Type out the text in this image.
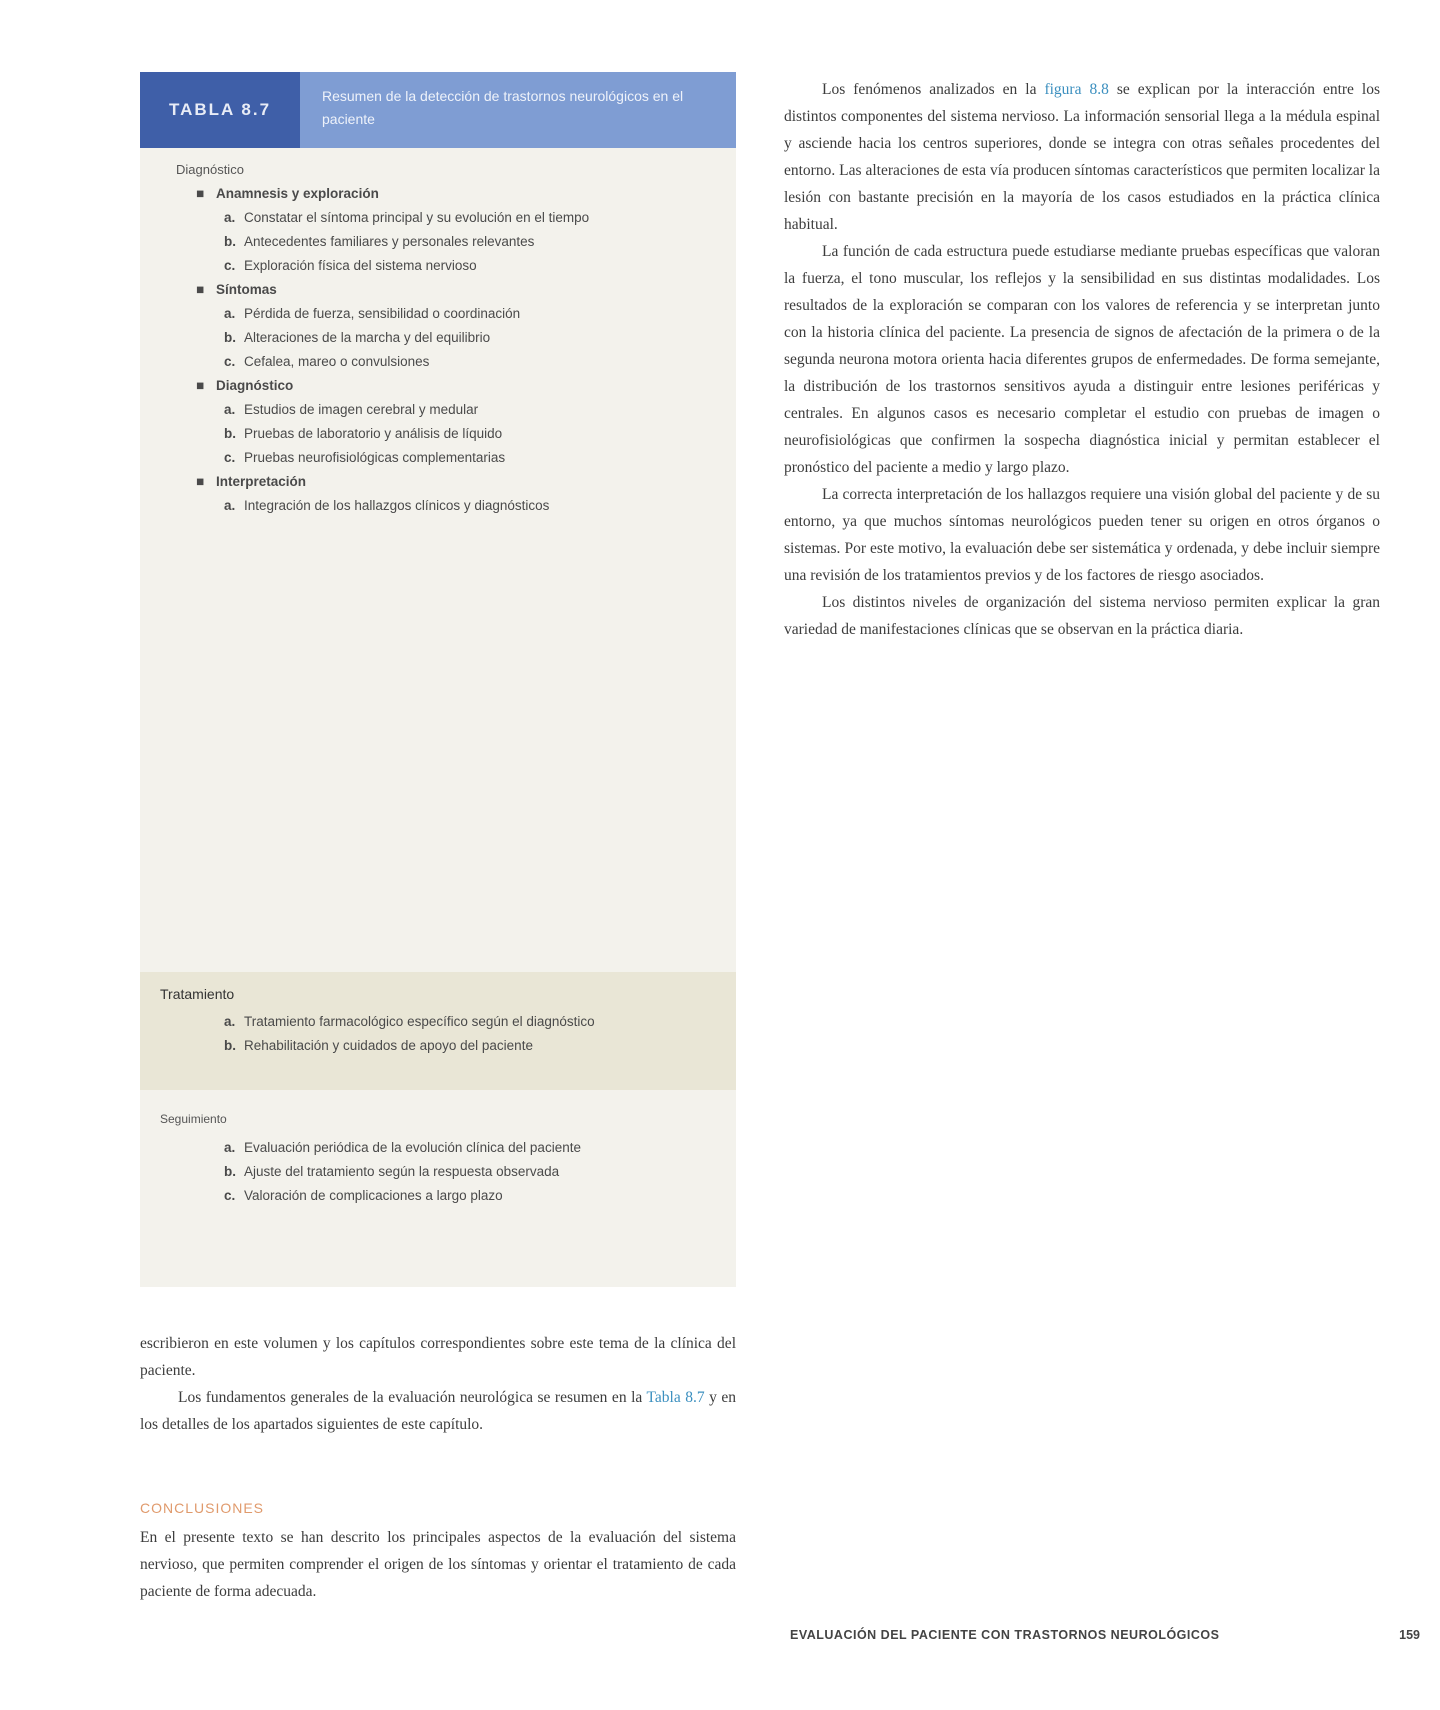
TABLA 8.7
Resumen de la detección de trastornos neurológicos en el paciente
Diagnóstico
■ Anamnesis y exploración
a. Constatar el síntoma principal y su evolución en el tiempo
b. Antecedentes familiares y personales relevantes
c. Exploración física del sistema nervioso
■ Síntomas
a. Pérdida de fuerza, sensibilidad o coordinación
b. Alteraciones de la marcha y del equilibrio
c. Cefalea, mareo o convulsiones
■ Diagnóstico
a. Estudios de imagen cerebral y medular
b. Pruebas de laboratorio y análisis de líquido
c. Pruebas neurofisiológicas complementarias
■ Interpretación
a. Integración de los hallazgos clínicos y diagnósticos
Tratamiento
a. Tratamiento farmacológico específico según el diagnóstico
b. Rehabilitación y cuidados de apoyo del paciente
Seguimiento
a. Evaluación periódica de la evolución clínica del paciente
b. Ajuste del tratamiento según la respuesta observada
c. Valoración de complicaciones a largo plazo

escribieron en este volumen y los capítulos correspondientes sobre este tema de la clínica del paciente.

Los fundamentos generales de la evaluación neurológica se resumen en la Tabla 8.7 y en los detalles de los apartados siguientes de este capítulo.

CONCLUSIONES

En el presente texto se han descrito los principales aspectos de la evaluación del sistema nervioso, que permiten comprender el origen de los síntomas y orientar el tratamiento de cada paciente de forma adecuada.

Los fenómenos analizados en la figura 8.8 se explican por la interacción entre los distintos componentes del sistema nervioso. La información sensorial llega a la médula espinal y asciende hacia los centros superiores, donde se integra con otras señales procedentes del entorno. Las alteraciones de esta vía producen síntomas característicos que permiten localizar la lesión con bastante precisión en la mayoría de los casos estudiados en la práctica clínica habitual.

La función de cada estructura puede estudiarse mediante pruebas específicas que valoran la fuerza, el tono muscular, los reflejos y la sensibilidad en sus distintas modalidades. Los resultados de la exploración se comparan con los valores de referencia y se interpretan junto con la historia clínica del paciente. La presencia de signos de afectación de la primera o de la segunda neurona motora orienta hacia diferentes grupos de enfermedades. De forma semejante, la distribución de los trastornos sensitivos ayuda a distinguir entre lesiones periféricas y centrales. En algunos casos es necesario completar el estudio con pruebas de imagen o neurofisiológicas que confirmen la sospecha diagnóstica inicial y permitan establecer el pronóstico del paciente a medio y largo plazo.

La correcta interpretación de los hallazgos requiere una visión global del paciente y de su entorno, ya que muchos síntomas neurológicos pueden tener su origen en otros órganos o sistemas. Por este motivo, la evaluación debe ser sistemática y ordenada, y debe incluir siempre una revisión de los tratamientos previos y de los factores de riesgo asociados.

Los distintos niveles de organización del sistema nervioso permiten explicar la gran variedad de manifestaciones clínicas que se observan en la práctica diaria.

EVALUACIÓN DEL PACIENTE CON TRASTORNOS NEUROLÓGICOS	159
